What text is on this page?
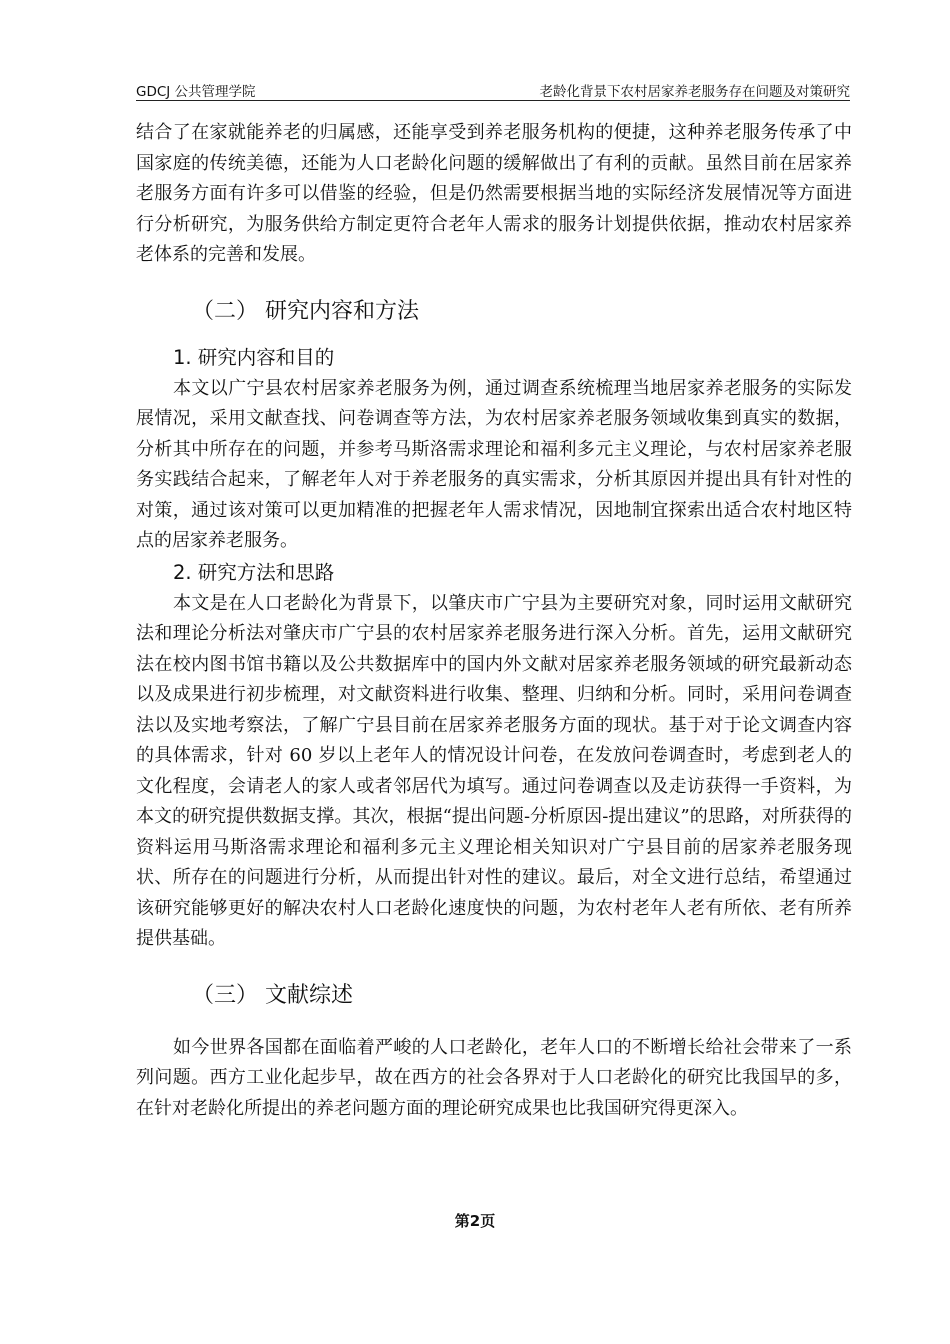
GDCJ 公共管理学院	老龄化背景下农村居家养老服务存在问题及对策研究

结合了在家就能养老的归属感，还能享受到养老服务机构的便捷，这种养老服务传承了中国家庭的传统美德，还能为人口老龄化问题的缓解做出了有利的贡献。虽然目前在居家养老服务方面有许多可以借鉴的经验，但是仍然需要根据当地的实际经济发展情况等方面进行分析研究，为服务供给方制定更符合老年人需求的服务计划提供依据，推动农村居家养老体系的完善和发展。

（二） 研究内容和方法
1. 研究内容和目的

本文以广宁县农村居家养老服务为例，通过调查系统梳理当地居家养老服务的实际发展情况，采用文献查找、问卷调查等方法，为农村居家养老服务领域收集到真实的数据，分析其中所存在的问题，并参考马斯洛需求理论和福利多元主义理论，与农村居家养老服务实践结合起来，了解老年人对于养老服务的真实需求，分析其原因并提出具有针对性的对策，通过该对策可以更加精准的把握老年人需求情况，因地制宜探索出适合农村地区特点的居家养老服务。

2. 研究方法和思路

本文是在人口老龄化为背景下，以肇庆市广宁县为主要研究对象，同时运用文献研究法和理论分析法对肇庆市广宁县的农村居家养老服务进行深入分析。首先，运用文献研究法在校内图书馆书籍以及公共数据库中的国内外文献对居家养老服务领域的研究最新动态以及成果进行初步梳理，对文献资料进行收集、整理、归纳和分析。同时，采用问卷调查法以及实地考察法，了解广宁县目前在居家养老服务方面的现状。基于对于论文调查内容的具体需求，针对 60 岁以上老年人的情况设计问卷，在发放问卷调查时，考虑到老人的文化程度，会请老人的家人或者邻居代为填写。通过问卷调查以及走访获得一手资料，为本文的研究提供数据支撑。其次，根据“提出问题-分析原因-提出建议”的思路，对所获得的资料运用马斯洛需求理论和福利多元主义理论相关知识对广宁县目前的居家养老服务现状、所存在的问题进行分析，从而提出针对性的建议。最后，对全文进行总结，希望通过该研究能够更好的解决农村人口老龄化速度快的问题，为农村老年人老有所依、老有所养提供基础。

（三） 文献综述

如今世界各国都在面临着严峻的人口老龄化，老年人口的不断增长给社会带来了一系列问题。西方工业化起步早，故在西方的社会各界对于人口老龄化的研究比我国早的多，在针对老龄化所提出的养老问题方面的理论研究成果也比我国研究得更深入。

第2页
